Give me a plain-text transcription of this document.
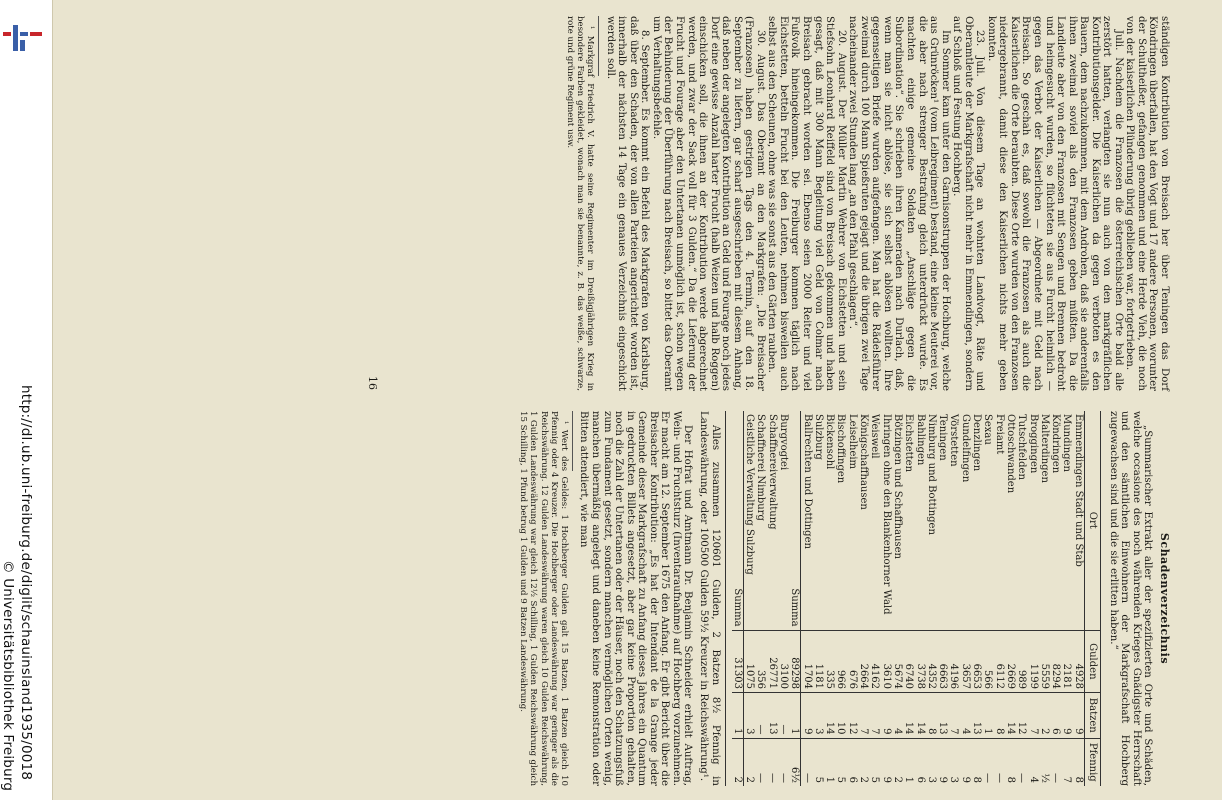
http://dl.ub.uni-freiburg.de/diglit/schauinsland1935/0018
© Universitätsbibliothek Freiburg

ständigen Kontribution von Breisach her über Teningen das Dorf Köndringen überfallen, hat den Vogt und 17 andere Personen, worunter der Schultheißer, gefangen genommen und eine Herde Vieh, die noch von der kaiserlichen Plünderung übrig geblieben war, fortgetrieben.

Juli. Nachdem die Franzosen die österreichischen Orte bald alle zerstört hatten, verlangten sie nun auch von den markgräflichen Kontributionsgelder. Die Kaiserlichen da gegen verboten es den Bauern, dem nachzukommen, mit dem Androhen, daß sie anderenfalls ihnen zweimal soviel als den Franzosen geben müßten. Da die Landleute aber von den Franzosen mit Sengen und Brennen bedroht und heimgesucht wurden, so flüchteten sie aus Furcht heimlich — gegen das Verbot der Kaiserlichen — Abgeordnete mit Geld nach Breisach. So geschah es, daß sowohl die Franzosen als auch die Kaiserlichen die Orte beraubten. Diese Orte wurden von den Franzosen niedergebrannt, damit diese den Kaiserlichen nichts mehr geben konnten.

23. Juli. Von diesem Tage an wohnten Landvogt, Räte und Oberamtleute der Markgrafschaft nicht mehr in Emmendingen, sondern auf Schloß und Festung Hochberg.

Im Sommer kam unter den Garnisonstruppen der Hochburg, welche aus Grünröcken¹ (vom Leibregiment) bestand, eine kleine Meuterei vor, die aber nach strenger Bestrafung gleich unterdrückt wurde. Es machten einige gemeine Soldaten „Anschläge gegen die Subordination“. Sie schrieben ihren Kameraden nach Durlach, daß, wenn man sie nicht ablöse, sie sich selbst ablösen wollten. Ihre gegenseitigen Briefe wurden aufgefangen. Man hat die Rädelsführer zweimal durch 100 Mann Spießruten gejagt und die übrigen zwei Tage nacheinander zwei Stunden lang „an den Pfahl geschlagen“.

20. August. Der Müller Martin Wehrer von Eichstetten und sein Stiefsohn Leonhard Reiffeld sind von Breisach gekommen und haben gesagt, daß mit 300 Mann Begleitung viel Geld von Colmar nach Breisach gebracht worden sei. Ebenso seien 2000 Reiter und viel Fußvolk hineingekommen. Die Freiburger kommen täglich nach Eichstetten, betteln Frucht bei den Leuten, nehmen bisweilen auch selbst aus den Scheunen, ohne was sie sonst aus den Gärten rauben.

30. August. Das Oberamt an den Markgrafen: „Die Breisacher (Franzosen) haben gestrigen Tags den 4. Termin, auf den 18. September zu liefern, gar scharf ausgeschrieben mit diesem Anhang, daß neben der angelegten Kontribution an Geld und Fourage noch jedes Dorf eine gewisse Anzahl harter Frucht (halb Weizen und halb Roggen) einschicken soll, die ihnen an der Kontribution werde abgerechnet werden, und zwar der Sack voll für 3 Gulden.“ Da die Lieferung der Frucht und Fourage aber den Untertanen unmöglich ist, schon wegen der Behinderung der Überführung nach Breisach, so bittet das Oberamt um Verhaltungsbefehle.

8. September. Es kommt ein Befehl des Markgrafen von Karlsburg, daß über den Schaden, der von allen Parteien angerichtet worden ist, innerhalb der nächsten 14 Tage ein genaues Verzeichnis eingeschickt werden soll.

¹ Markgraf Friedrich V. hatte seine Regimenter im Dreißigjährigen Krieg in besondere Farben gekleidet, wonach man sie benannte, z. B. das weiße, schwarze, rote und grüne Regiment usw.

Schadenverzeichnis

„Summarischer Extrakt aller der spezifizierten Orte und Schäden, welche occasione des noch währenden Krieges Gnädigster Herrschaft und den sämtlichen Einwohnern der Markgrafschaft Hochberg zugewachsen sind und die sie erlitten haben.“

Ort	Gulden	Batzen	Pfennig
Emmendingen Stadt und Stab	4928	9	8
Mundingen	2181	9	7
Köndringen	8294	6	—
Malterdingen	5559	2	½
Broggingen	1199	7	4
Tutschfelden	989	12	—
Ottoschwanden	2669	14	8
Freiamt	6112	8	—
Sexau	566	1	—
Denzlingen	6653	13	8
Gundelfingen	3657	4	9
Vörstetten	4196	7	3
Teningen	6663	13	9
Nimburg und Bottingen	4352	8	3
Bahlingen	3738	14	6
Eichstetten	6740	14	1
Bötzingen und Schaffhausen	5674	4	2
Ihringen ohne den Blankenhorner Wald	3610	9	9
Weisweil	4162	7	5
Königschaffhausen	2664	7	2
Leiselheim	676	12	6
Bischoffingen	966	10	5
Bickensohl	335	14	1
Sulzburg	1181	3	5
Ballrechten und Dottingen	1704	9	—
Summa	89298	1	6½
Burgvogtei	3100	—	—
Schaffnereiverwaltung	26771	13	—
Schaffnerei Nimburg	356	—	—
Geistliche Verwaltung Sulzburg	1075	3	2
Summa	31303	1	2

Alles zusammen 120601 Gulden, 2 Batzen 8½ Pfennig in Landeswährung, oder 100500 Gulden 59½ Kreuzer in Reichswährung¹.

Der Hofrat und Amtmann Dr. Benjamin Schneider erhielt Auftrag, Wein- und Fruchtsturz (Inventaraufnahme) auf Hochberg vorzunehmen. Er macht am 12. September 1675 den Anfang. Er gibt Bericht über die Breisacher Kontribution: „Es hat der Intendant de la Grange jeder Gemeinde dieser Markgrafschaft zu Anfang dieses Jahres ein Quantum in gedruckten Billets angesetzt, aber gar keine Proportion gehalten, noch die Zahl der Untertanen oder der Häuser, noch den Schatzungsfuß zum Fundament gesetzt, sondern manchen vermöglichen Orten wenig, manchen übermäßig angelegt und daneben keine Remonstration oder Bitten attendiert, wie man

¹ Wert des Geldes: 1 Hochberger Gulden galt 15 Batzen, 1 Batzen gleich 10 Pfennig oder 4 Kreuzer. Die Hochberger oder Landeswährung war geringer als die Reichswährung. 12 Gulden Landeswährung waren gleich 10 Gulden Reichswährung, 1 Gulden Landeswährung war gleich 12½ Schilling, 1 Gulden Reichswährung gleich 15 Schilling, 1 Pfund betrug 1 Gulden und 9 Batzen Landeswährung.

16
